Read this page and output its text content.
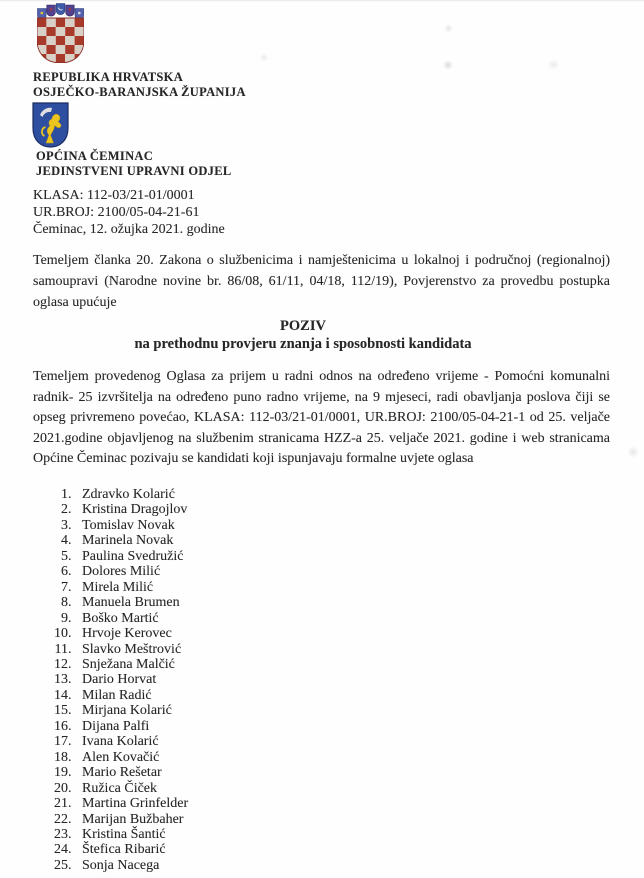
REPUBLIKA HRVATSKA
OSJEČKO-BARANJSKA ŽUPANIJA
OPĆINA ČEMINAC
JEDINSTVENI UPRAVNI ODJEL
KLASA: 112-03/21-01/0001
UR.BROJ: 2100/05-04-21-61
Čeminac, 12. ožujka 2021. godine

Temeljem članka 20. Zakona o službenicima i namještenicima u lokalnoj i područnoj (regionalnoj) samoupravi (Narodne novine br. 86/08, 61/11, 04/18, 112/19), Povjerenstvo za provedbu postupka oglasa upućuje

POZIV
na prethodnu provjeru znanja i sposobnosti kandidata

Temeljem provedenog Oglasa za prijem u radni odnos na određeno vrijeme - Pomoćni komunalni radnik- 25 izvršitelja na određeno puno radno vrijeme, na 9 mjeseci, radi obavljanja poslova čiji se opseg privremeno povećao, KLASA: 112-03/21-01/0001, UR.BROJ: 2100/05-04-21-1 od 25. veljače 2021.godine objavljenog na službenim stranicama HZZ-a 25. veljače 2021. godine i web stranicama Općine Čeminac pozivaju se kandidati koji ispunjavaju formalne uvjete oglasa

1. Zdravko Kolarić
2. Kristina Dragojlov
3. Tomislav Novak
4. Marinela Novak
5. Paulina Svedružić
6. Dolores Milić
7. Mirela Milić
8. Manuela Brumen
9. Boško Martić
10. Hrvoje Kerovec
11. Slavko Meštrović
12. Snježana Malčić
13. Dario Horvat
14. Milan Radić
15. Mirjana Kolarić
16. Dijana Palfi
17. Ivana Kolarić
18. Alen Kovačić
19. Mario Rešetar
20. Ružica Čiček
21. Martina Grinfelder
22. Marijan Bužbaher
23. Kristina Šantić
24. Štefica Ribarić
25. Sonja Nacega
